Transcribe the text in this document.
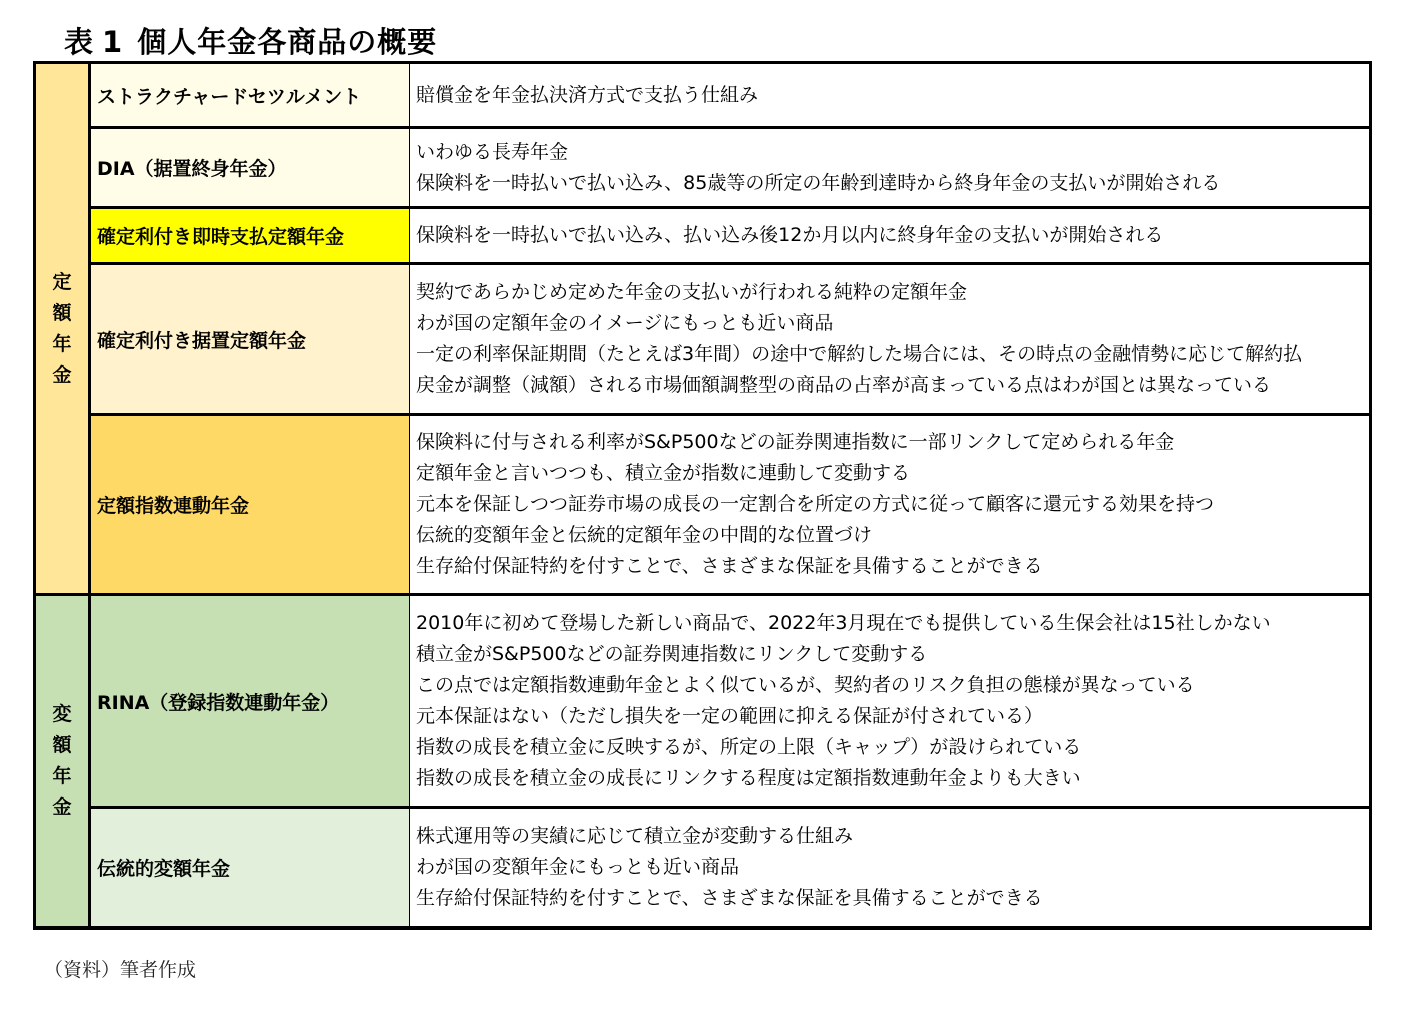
表 1 個人年金各商品の概要
定
額
年
金	ストラクチャードセツルメント	賠償金を年金払決済方式で支払う仕組み

	DIA（据置終身年金）	いわゆる長寿年金
保険料を一時払いで払い込み、85歳等の所定の年齢到達時から終身年金の支払いが開始される

	確定利付き即時支払定額年金	保険料を一時払いで払い込み、払い込み後12か月以内に終身年金の支払いが開始される

	確定利付き据置定額年金	契約であらかじめ定めた年金の支払いが行われる純粋の定額年金
わが国の定額年金のイメージにもっとも近い商品
一定の利率保証期間（たとえば3年間）の途中で解約した場合には、その時点の金融情勢に応じて解約払
戻金が調整（減額）される市場価額調整型の商品の占率が高まっている点はわが国とは異なっている

	定額指数連動年金	保険料に付与される利率がS&P500などの証券関連指数に一部リンクして定められる年金
定額年金と言いつつも、積立金が指数に連動して変動する
元本を保証しつつ証券市場の成長の一定割合を所定の方式に従って顧客に還元する効果を持つ
伝統的変額年金と伝統的定額年金の中間的な位置づけ
生存給付保証特約を付すことで、さまざまな保証を具備することができる

変
額
年
金
	RINA（登録指数連動年金）	
2010年に初めて登場した新しい商品で、2022年3月現在でも提供している生保会社は15社しかない
積立金がS&P500などの証券関連指数にリンクして変動する
この点では定額指数連動年金とよく似ているが、契約者のリスク負担の態様が異なっている
元本保証はない（ただし損失を一定の範囲に抑える保証が付されている）
指数の成長を積立金に反映するが、所定の上限（キャップ）が設けられている
指数の成長を積立金の成長にリンクする程度は定額指数連動年金よりも大きい

	伝統的変額年金	株式運用等の実績に応じて積立金が変動する仕組み
わが国の変額年金にもっとも近い商品
生存給付保証特約を付すことで、さまざまな保証を具備することができる
（資料）筆者作成
